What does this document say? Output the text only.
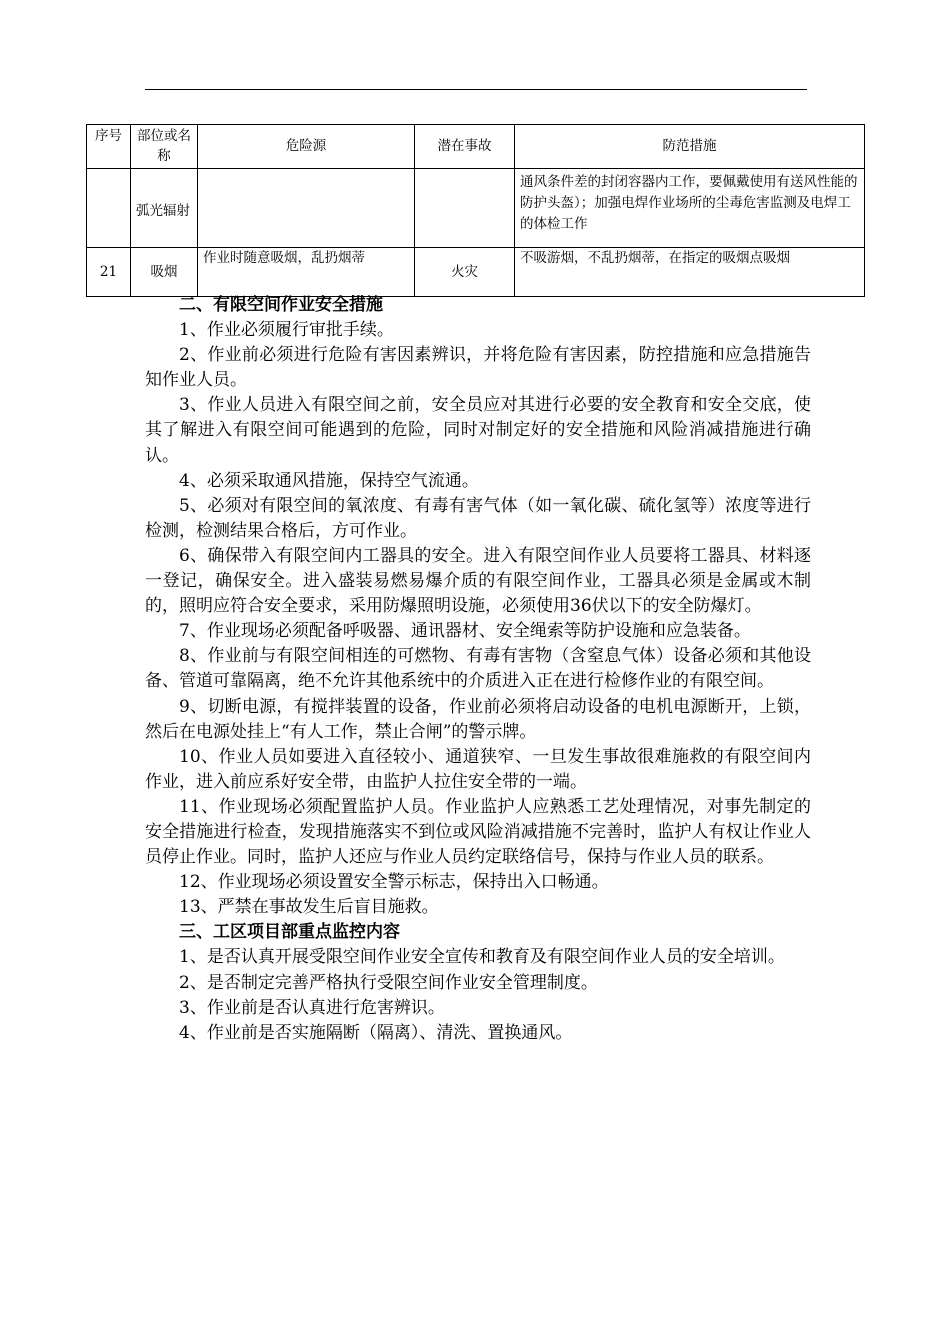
序号	部位或名称	危险源	潜在事故	防范措施
	弧光辐射			通风条件差的封闭容器内工作，要佩戴使用有送风性能的防护头盔）；加强电焊作业场所的尘毒危害监测及电焊工的体检工作
21	吸烟	作业时随意吸烟，乱扔烟蒂	火灾	不吸游烟，不乱扔烟蒂，在指定的吸烟点吸烟
二、有限空间作业安全措施

1、作业必须履行审批手续。

2、作业前必须进行危险有害因素辨识，并将危险有害因素，防控措施和应急措施告知作业人员。

3、作业人员进入有限空间之前，安全员应对其进行必要的安全教育和安全交底，使其了解进入有限空间可能遇到的危险，同时对制定好的安全措施和风险消减措施进行确认。

4、必须采取通风措施，保持空气流通。

5、必须对有限空间的氧浓度、有毒有害气体（如一氧化碳、硫化氢等）浓度等进行检测，检测结果合格后，方可作业。

6、确保带入有限空间内工器具的安全。进入有限空间作业人员要将工器具、材料逐一登记，确保安全。进入盛装易燃易爆介质的有限空间作业，工器具必须是金属或木制的，照明应符合安全要求，采用防爆照明设施，必须使用36伏以下的安全防爆灯。

7、作业现场必须配备呼吸器、通讯器材、安全绳索等防护设施和应急装备。

8、作业前与有限空间相连的可燃物、有毒有害物（含窒息气体）设备必须和其他设备、管道可靠隔离，绝不允许其他系统中的介质进入正在进行检修作业的有限空间。

9、切断电源，有搅拌装置的设备，作业前必须将启动设备的电机电源断开，上锁，然后在电源处挂上“有人工作，禁止合闸”的警示牌。

10、作业人员如要进入直径较小、通道狭窄、一旦发生事故很难施救的有限空间内作业，进入前应系好安全带，由监护人拉住安全带的一端。

11、作业现场必须配置监护人员。作业监护人应熟悉工艺处理情况，对事先制定的安全措施进行检查，发现措施落实不到位或风险消减措施不完善时，监护人有权让作业人员停止作业。同时，监护人还应与作业人员约定联络信号，保持与作业人员的联系。

12、作业现场必须设置安全警示标志，保持出入口畅通。

13、严禁在事故发生后盲目施救。

三、工区项目部重点监控内容

1、是否认真开展受限空间作业安全宣传和教育及有限空间作业人员的安全培训。

2、是否制定完善严格执行受限空间作业安全管理制度。

3、作业前是否认真进行危害辨识。

4、作业前是否实施隔断（隔离）、清洗、置换通风。
